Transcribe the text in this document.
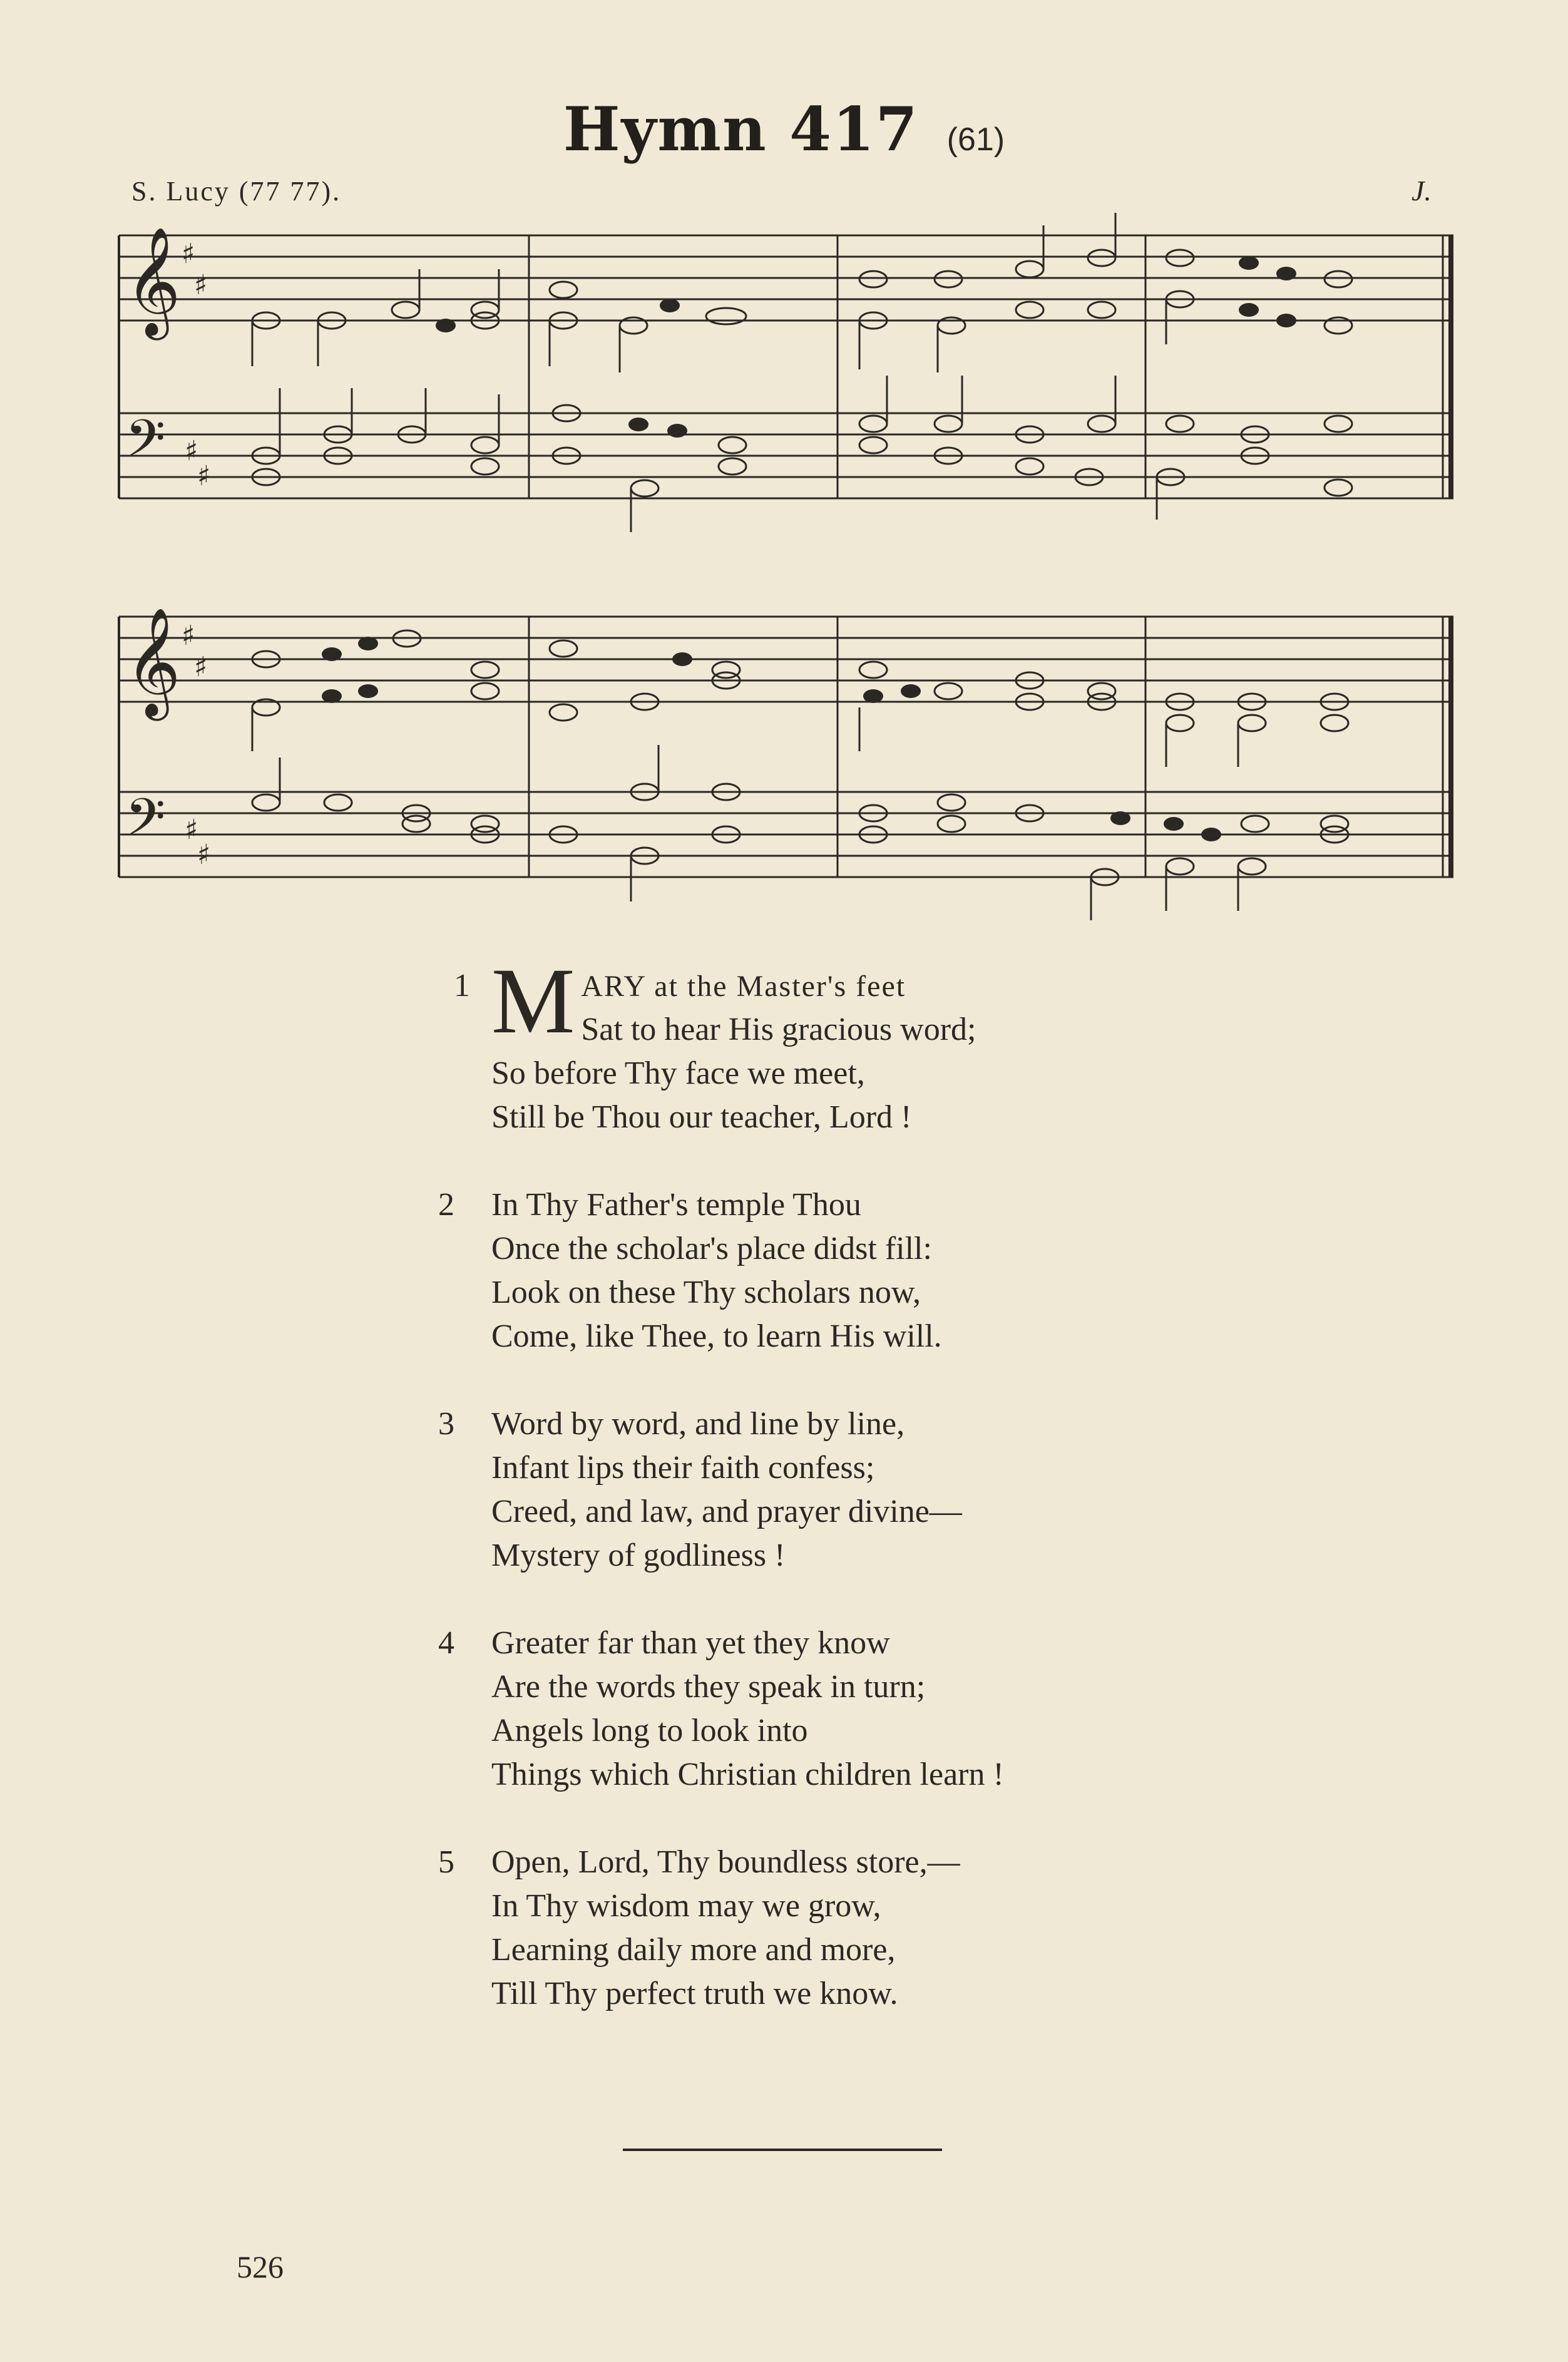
Hymn 417 (61)
S. Lucy (77 77).	J.
𝄞
𝄢
♯
♯
♯
♯
𝄞
𝄢
♯
♯
♯
♯
1 M ARY at the Master's feet
Sat to hear His gracious word;
So before Thy face we meet,
Still be Thou our teacher, Lord !
2 In Thy Father's temple Thou
Once the scholar's place didst fill:
Look on these Thy scholars now,
Come, like Thee, to learn His will.
3 Word by word, and line by line,
Infant lips their faith confess;
Creed, and law, and prayer divine—
Mystery of godliness !
4 Greater far than yet they know
Are the words they speak in turn;
Angels long to look into
Things which Christian children learn !
5 Open, Lord, Thy boundless store,—
In Thy wisdom may we grow,
Learning daily more and more,
Till Thy perfect truth we know.
526
